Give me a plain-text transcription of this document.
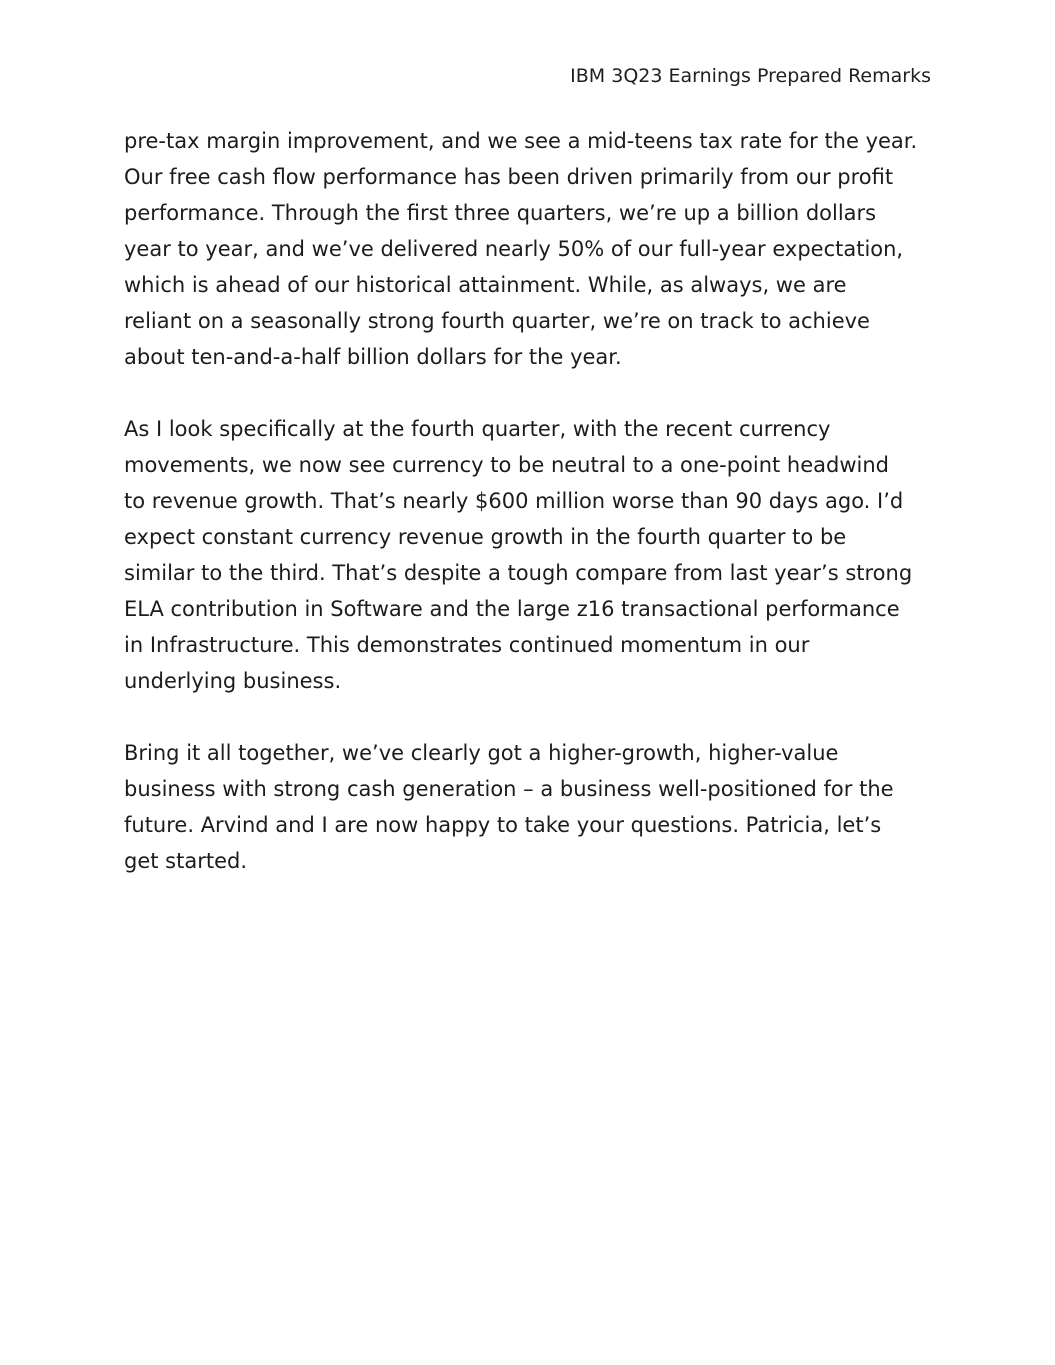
IBM 3Q23 Earnings Prepared Remarks

pre-tax margin improvement, and we see a mid-teens tax rate for the year.
Our free cash flow performance has been driven primarily from our profit
performance. Through the first three quarters, we’re up a billion dollars
year to year, and we’ve delivered nearly 50% of our full-year expectation,
which is ahead of our historical attainment. While, as always, we are
reliant on a seasonally strong fourth quarter, we’re on track to achieve
about ten-and-a-half billion dollars for the year.

As I look specifically at the fourth quarter, with the recent currency
movements, we now see currency to be neutral to a one-point headwind
to revenue growth. That’s nearly $600 million worse than 90 days ago. I’d
expect constant currency revenue growth in the fourth quarter to be
similar to the third. That’s despite a tough compare from last year’s strong
ELA contribution in Software and the large z16 transactional performance
in Infrastructure. This demonstrates continued momentum in our
underlying business.

Bring it all together, we’ve clearly got a higher-growth, higher-value
business with strong cash generation – a business well-positioned for the
future. Arvind and I are now happy to take your questions. Patricia, let’s
get started.
